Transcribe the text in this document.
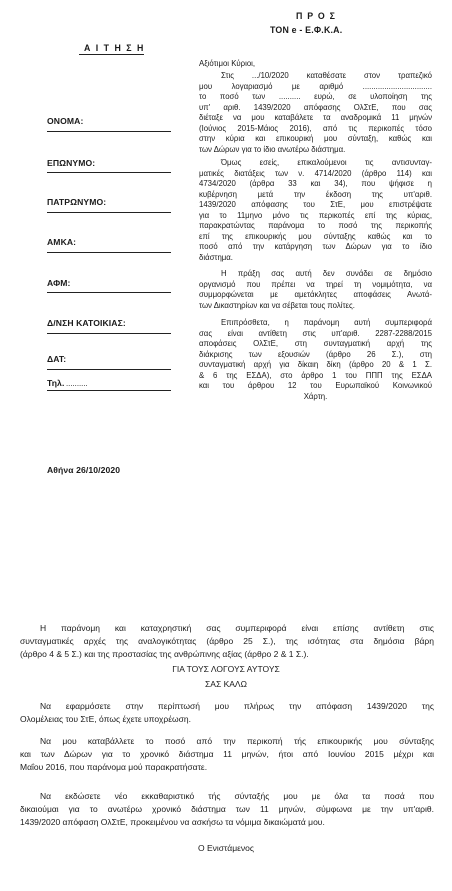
Π Ρ Ο Σ
ΤΟΝ e - Ε.Φ.Κ.Α.
Α Ι Τ Η Σ Η
ΟΝΟΜΑ:
ΕΠΩΝΥΜΟ:
ΠΑΤΡΩΝΥΜΟ:
ΑΜΚΑ:
ΑΦΜ:
Δ/ΝΣΗ ΚΑΤΟΙΚΙΑΣ:
ΔΑΤ:
Τηλ. ..........
Αθήνα 26/10/2020
Αξιότιμοι Κύριοι,
Στις .../10/2020 καταθέσατε στον τραπεζικό
μου λογαριασμό με αριθμό ................................
το ποσό των .......... ευρώ, σε υλοποίηση της
υπ' αριθ. 1439/2020 απόφασης ΟλΣτΕ, που σας
διέταξε να μου καταβάλετε τα αναδρομικά 11 μηνών
(Ιούνιος 2015-Μάιος 2016), από τις περικοπές τόσο
στην κύρια και επικουρική μου σύνταξη, καθώς και
των Δώρων για το ίδιο ανωτέρω διάστημα.
Όμως εσείς, επικαλούμενοι τις αντισυνταγ-
ματικές διατάξεις των ν. 4714/2020 (άρθρο 114) και
4734/2020 (άρθρα 33 και 34), που ψήφισε η
κυβέρνηση μετά την έκδοση της υπ'αριθ.
1439/2020 απόφασης του ΣτΕ, μου επιστρέψατε
για το 11μηνο μόνο τις περικοπές επί της κύριας,
παρακρατώντας παράνομα το ποσό της περικοπής
επί της επικουρικής μου σύνταξης καθώς και το
ποσό από την κατάργηση των Δώρων για το ίδιο
διάστημα.
Η πράξη σας αυτή δεν συνάδει σε δημόσιο
οργανισμό που πρέπει να τηρεί τη νομιμότητα, να
συμμορφώνεται με αμετάκλητες αποφάσεις Ανωτά-
των Δικαστηρίων και να σέβεται τους πολίτες.
Επιπρόσθετα, η παράνομη αυτή συμπεριφορά
σας είναι αντίθετη στις υπ'αριθ. 2287-2288/2015
αποφάσεις ΟλΣτΕ, στη συνταγματική αρχή της
διάκρισης των εξουσιών (άρθρο 26 Σ.), στη
συνταγματική αρχή για δίκαιη δίκη (άρθρο 20 & 1 Σ.
& 6 της ΕΣΔΑ), στο άρθρο 1 του ΠΠΠ της ΕΣΔΑ
και του άρθρου 12 του Ευρωπαϊκού Κοινωνικού
Χάρτη.
Η παράνομη και καταχρηστική σας συμπεριφορά είναι επίσης αντίθετη στις
συνταγματικές αρχές της αναλογικότητας (άρθρο 25 Σ.), της ισότητας στα δημόσια βάρη
(άρθρο 4 & 5 Σ.) και της προστασίας της ανθρώπινης αξίας (άρθρο 2 & 1 Σ.).
ΓΙΑ ΤΟΥΣ ΛΟΓΟΥΣ ΑΥΤΟΥΣ
ΣΑΣ ΚΑΛΩ
Να εφαρμόσετε στην περίπτωσή μου πλήρως την απόφαση 1439/2020 της
Ολομέλειας του ΣτΕ, όπως έχετε υποχρέωση.
Να μου καταβάλλετε το ποσό από την περικοπή τής επικουρικής μου σύνταξης
και των Δώρων για το χρονικό διάστημα 11 μηνών, ήτοι από Ιουνίου 2015 μέχρι και
Μαΐου 2016, που παράνομα μού παρακρατήσατε.
Να εκδώσετε νέο εκκαθαριστικό τής σύνταξής μου με όλα τα ποσά που
δικαιούμαι για το ανωτέρω χρονικό διάστημα των 11 μηνών, σύμφωνα με την υπ'αριθ.
1439/2020 απόφαση ΟλΣτΕ, προκειμένου να ασκήσω τα νόμιμα δικαιώματά μου.
Ο Ενιστάμενος
